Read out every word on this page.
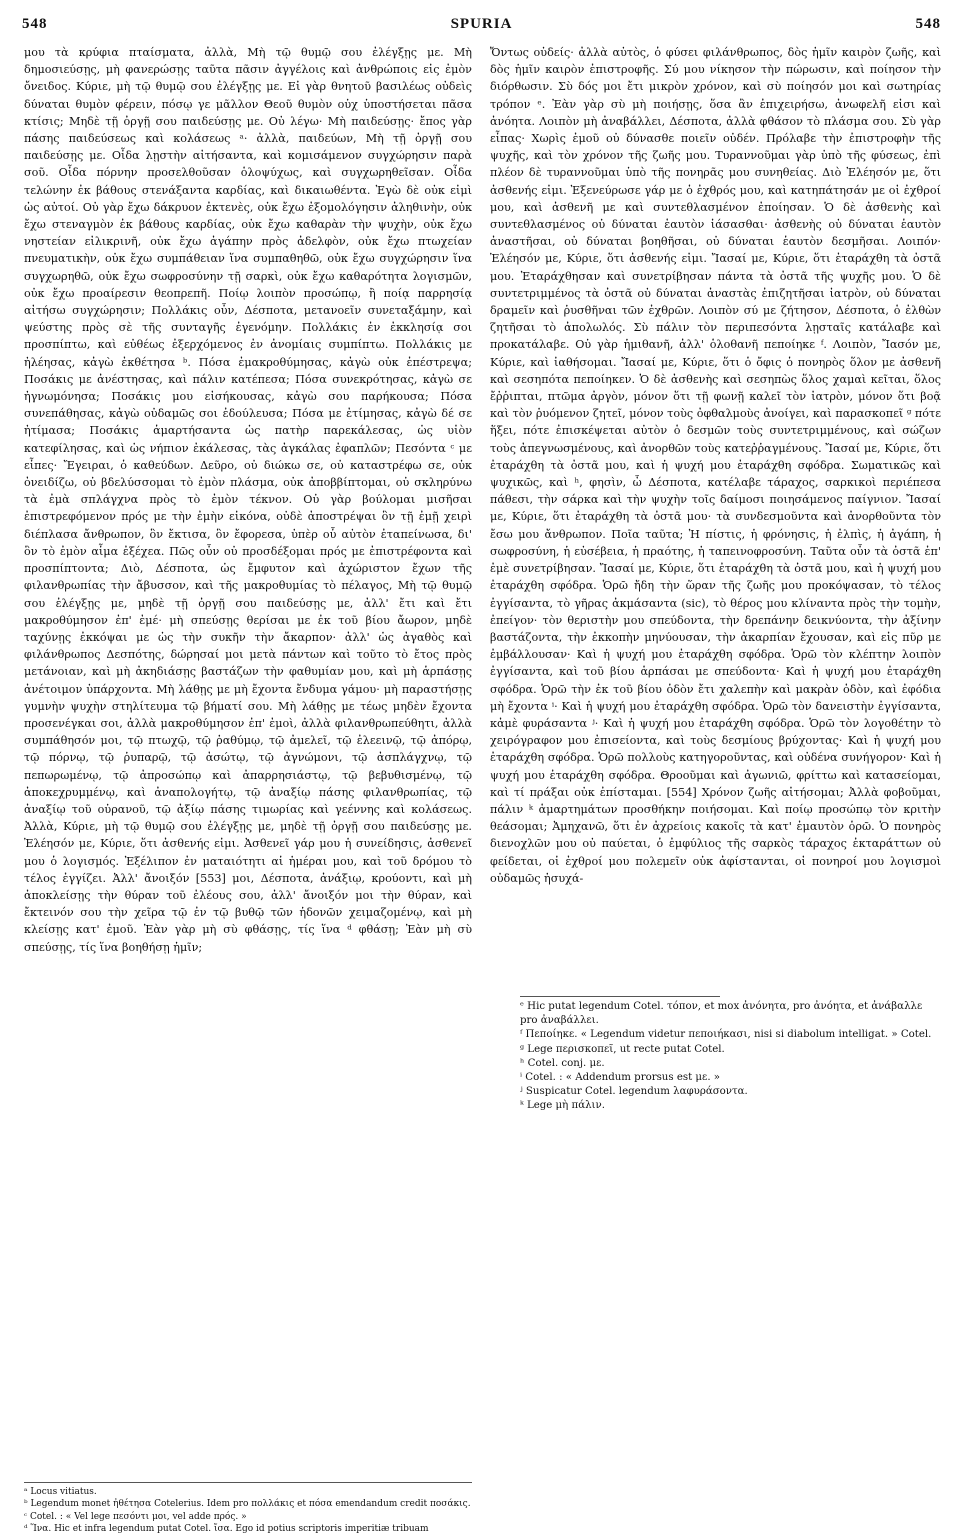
548	SPURIA	548

μου τὰ κρύφια πταίσματα, ἀλλὰ, Μὴ τῷ θυμῷ σου ἐλέγξῃς με. Μὴ δημοσιεύσῃς, μὴ φανερώσῃς ταῦτα πᾶσιν ἀγγέλοις καὶ ἀνθρώποις εἰς ἐμὸν ὄνειδος. Κύριε, μὴ τῷ θυμῷ σου ἐλέγξῃς με. Εἰ γὰρ θνητοῦ βασιλέως οὐδεὶς δύναται θυμὸν φέρειν, πόσῳ γε μᾶλλον Θεοῦ θυμὸν οὐχ ὑποστήσεται πᾶσα κτίσις; Μηδὲ τῇ ὀργῇ σου παιδεύσῃς με. Οὐ λέγω· Μὴ παιδεύσῃς· ἔπος γὰρ πάσης παιδεύσεως καὶ κολάσεως ᵃ· ἀλλὰ, παιδεύων, Μὴ τῇ ὀργῇ σου παιδεύσῃς με. Οἶδα λῃστὴν αἰτήσαντα, καὶ κομισάμενον συγχώρησιν παρὰ σοῦ. Οἶδα πόρνην προσελθοῦσαν ὁλοψύχως, καὶ συγχωρηθεῖσαν. Οἶδα τελώνην ἐκ βάθους στενάξαντα καρδίας, καὶ δικαιωθέντα. Ἐγὼ δὲ οὐκ εἰμὶ ὡς αὐτοί. Οὐ γὰρ ἔχω δάκρυον ἐκτενὲς, οὐκ ἔχω ἐξομολόγησιν ἀληθινὴν, οὐκ ἔχω στεναγμὸν ἐκ βάθους καρδίας, οὐκ ἔχω καθαρὰν τὴν ψυχὴν, οὐκ ἔχω νηστείαν εἰλικρινῆ, οὐκ ἔχω ἀγάπην πρὸς ἀδελφὸν, οὐκ ἔχω πτωχείαν πνευματικὴν, οὐκ ἔχω συμπάθειαν ἵνα συμπαθηθῶ, οὐκ ἔχω συγχώρησιν ἵνα συγχωρηθῶ, οὐκ ἔχω σωφροσύνην τῇ σαρκὶ, οὐκ ἔχω καθαρότητα λογισμῶν, οὐκ ἔχω προαίρεσιν θεοπρεπῆ. Ποίῳ λοιπὸν προσώπῳ, ἢ ποίᾳ παρρησίᾳ αἰτήσω συγχώρησιν; Πολλάκις οὖν, Δέσποτα, μετανοεῖν συνεταξάμην, καὶ ψεύστης πρὸς σὲ τῆς συνταγῆς ἐγενόμην. Πολλάκις ἐν ἐκκλησίᾳ σοι προσπίπτω, καὶ εὐθέως ἐξερχόμενος ἐν ἀνομίαις συμπίπτω. Πολλάκις με ἠλέησας, κἀγὼ ἐκθέτησα ᵇ. Πόσα ἐμακροθύμησας, κἀγὼ οὐκ ἐπέστρεψα; Ποσάκις με ἀνέστησας, καὶ πάλιν κατέπεσα; Πόσα συνεκρότησας, κἀγὼ σε ἠγνωμόνησα; Ποσάκις μου εἰσήκουσας, κἀγὼ σου παρήκουσα; Πόσα συνεπάθησας, κἀγὼ οὐδαμῶς σοι ἐδούλευσα; Πόσα με ἐτίμησας, κἀγὼ δέ σε ἠτίμασα; Ποσάκις ἁμαρτήσαντα ὡς πατὴρ παρεκάλεσας, ὡς υἱὸν κατεφίλησας, καὶ ὡς νήπιον ἐκάλεσας, τὰς ἀγκάλας ἐφαπλῶν; Πεσόντα ᶜ με εἶπες· Ἔγειραι, ὁ καθεύδων. Δεῦρο, οὐ διώκω σε, οὐ καταστρέφω σε, οὐκ ὀνειδίζω, οὐ βδελύσσομαι τὸ ἐμὸν πλάσμα, οὐκ ἀποββίπτομαι, οὐ σκληρύνω τὰ ἐμὰ σπλάγχνα πρὸς τὸ ἐμὸν τέκνον. Οὐ γὰρ βούλομαι μισῆσαι ἐπιστρεφόμενον πρός με τὴν ἐμὴν εἰκόνα, οὐδὲ ἀποστρέψαι ὃν τῇ ἐμῇ χειρὶ διέπλασα ἄνθρωπον, ὃν ἔκτισα, ὃν ἔφορεσα, ὑπὲρ οὗ αὐτὸν ἐταπείνωσα, δι' ὃν τὸ ἐμὸν αἷμα ἐξέχεα. Πῶς οὖν οὐ προσδέξομαι πρός με ἐπιστρέφοντα καὶ προσπίπτοντα; Διὸ, Δέσποτα, ὡς ἔμφυτον καὶ ἀχώριστον ἔχων τῆς φιλανθρωπίας τὴν ἄβυσσον, καὶ τῆς μακροθυμίας τὸ πέλαγος, Μὴ τῷ θυμῷ σου ἐλέγξῃς με, μηδὲ τῇ ὀργῇ σου παιδεύσῃς με, ἀλλ' ἔτι καὶ ἔτι μακροθύμησον ἐπ' ἐμέ· μὴ σπεύσῃς θερίσαι με ἐκ τοῦ βίου ἄωρον, μηδὲ ταχύνῃς ἐκκόψαι με ὡς τὴν συκῆν τὴν ἄκαρπον· ἀλλ' ὡς ἀγαθὸς καὶ φιλάνθρωπος Δεσπότης, δώρησαί μοι μετὰ πάντων καὶ τοῦτο τὸ ἔτος πρὸς μετάνοιαν, καὶ μὴ ἀκηδιάσῃς βαστάζων τὴν φαθυμίαν μου, καὶ μὴ ἁρπάσῃς ἀνέτοιμον ὑπάρχοντα. Μὴ λάθῃς με μὴ ἔχοντα ἔνδυμα γάμου· μὴ παραστήσῃς γυμνὴν ψυχὴν στηλίτευμα τῷ βήματί σου. Μὴ λάθῃς με τέως μηδὲν ἔχοντα προσενέγκαι σοι, ἀλλὰ μακροθύμησον ἐπ' ἐμοὶ, ἀλλὰ φιλανθρωπεύθητι, ἀλλὰ συμπάθησόν μοι, τῷ πτωχῷ, τῷ ῥαθύμῳ, τῷ ἀμελεῖ, τῷ ἐλεεινῷ, τῷ ἀπόρῳ, τῷ πόρνῳ, τῷ ῥυπαρῷ, τῷ ἀσώτῳ, τῷ ἀγνώμονι, τῷ ἀσπλάγχνῳ, τῷ πεπωρωμένῳ, τῷ ἀπροσώπῳ καὶ ἀπαρρησιάστῳ, τῷ βεβυθισμένῳ, τῷ ἀποκεχρυμμένῳ, καὶ ἀναπολογήτῳ, τῷ ἀναξίῳ πάσης φιλανθρωπίας, τῷ ἀναξίῳ τοῦ οὐρανοῦ, τῷ ἀξίῳ πάσης τιμωρίας καὶ γεέννης καὶ κολάσεως. Ἀλλὰ, Κύριε, μὴ τῷ θυμῷ σου ἐλέγξῃς με, μηδὲ τῇ ὀργῇ σου παιδεύσῃς με. Ἐλέησόν με, Κύριε, ὅτι ἀσθενής εἰμι. Ἀσθενεῖ γάρ μου ἡ συνείδησις, ἀσθενεῖ μου ὁ λογισμός. Ἐξέλιπον ἐν ματαιότητι αἱ ἡμέραι μου, καὶ τοῦ δρόμου τὸ τέλος ἐγγίζει. Ἀλλ' ἄνοιξόν [553] μοι, Δέσποτα, ἀνάξιῳ, κρούοντι, καὶ μὴ ἀποκλείσῃς τὴν θύραν τοῦ ἐλέους σου, ἀλλ' ἄνοιξόν μοι τὴν θύραν, καὶ ἔκτεινόν σου τὴν χεῖρα τῷ ἐν τῷ βυθῷ τῶν ἡδονῶν χειμαζομένῳ, καὶ μὴ κλείσῃς κατ' ἐμοῦ. Ἐὰν γὰρ μὴ σὺ φθάσῃς, τίς ἵνα ᵈ φθάσῃ; Ἐὰν μὴ σὺ σπεύσῃς, τίς ἵνα βοηθήσῃ ἡμῖν;

Ὄντως οὐδείς· ἀλλὰ αὐτὸς, ὁ φύσει φιλάνθρωπος, δὸς ἡμῖν καιρὸν ζωῆς, καὶ δὸς ἡμῖν καιρὸν ἐπιστροφῆς. Σύ μου νίκησον τὴν πώρωσιν, καὶ ποίησον τὴν διόρθωσιν. Σὺ δός μοι ἔτι μικρὸν χρόνον, καὶ σὺ ποίησόν μοι καὶ σωτηρίας τρόπον ᵉ. Ἐὰν γὰρ σὺ μὴ ποιήσῃς, ὅσα ἂν ἐπιχειρήσω, ἀνωφελῆ εἰσι καὶ ἀνόητα. Λοιπὸν μὴ ἀναβάλλει, Δέσποτα, ἀλλὰ φθάσον τὸ πλάσμα σου. Σὺ γὰρ εἶπας· Χωρὶς ἐμοῦ οὐ δύνασθε ποιεῖν οὐδέν. Πρόλαβε τὴν ἐπιστροφὴν τῆς ψυχῆς, καὶ τὸν χρόνον τῆς ζωῆς μου. Τυραννοῦμαι γὰρ ὑπὸ τῆς φύσεως, ἐπὶ πλέον δὲ τυραννοῦμαι ὑπὸ τῆς πονηρᾶς μου συνηθείας. Διὸ Ἐλέησόν με, ὅτι ἀσθενής εἰμι. Ἐξενεύρωσε γάρ με ὁ ἐχθρός μου, καὶ κατηπάτησάν με οἱ ἐχθροί μου, καὶ ἀσθενῆ με καὶ συντεθλασμένον ἐποίησαν. Ὁ δὲ ἀσθενὴς καὶ συντεθλασμένος οὐ δύναται ἑαυτὸν ἰάσασθαι· ἀσθενὴς οὐ δύναται ἑαυτὸν ἀναστῆσαι, οὐ δύναται βοηθῆσαι, οὐ δύναται ἑαυτὸν δεσμῆσαι. Λοιπόν· Ἐλέησόν με, Κύριε, ὅτι ἀσθενής εἰμι. Ἴασαί με, Κύριε, ὅτι ἐταράχθη τὰ ὀστᾶ μου. Ἐταράχθησαν καὶ συνετρίβησαν πάντα τὰ ὀστᾶ τῆς ψυχῆς μου. Ὁ δὲ συντετριμμένος τὰ ὀστᾶ οὐ δύναται ἀναστὰς ἐπιζητῆσαι ἰατρὸν, οὐ δύναται δραμεῖν καὶ ῥυσθῆναι τῶν ἐχθρῶν. Λοιπὸν σύ με ζήτησον, Δέσποτα, ὁ ἐλθὼν ζητῆσαι τὸ ἀπολωλός. Σὺ πάλιν τὸν περιπεσόντα λῃσταῖς κατάλαβε καὶ προκατάλαβε. Οὐ γὰρ ἡμιθανῆ, ἀλλ' ὁλοθανῆ πεποίηκε ᶠ. Λοιπὸν, Ἴασόν με, Κύριε, καὶ ἰαθήσομαι. Ἴασαί με, Κύριε, ὅτι ὁ ὄφις ὁ πονηρὸς ὅλον με ἀσθενῆ καὶ σεσηπότα πεποίηκεν. Ὁ δὲ ἀσθενὴς καὶ σεσηπὼς ὅλος χαμαὶ κεῖται, ὅλος ἔῤῥιπται, πτῶμα ἀργὸν, μόνον ὅτι τῇ φωνῇ καλεῖ τὸν ἰατρὸν, μόνον ὅτι βοᾷ καὶ τὸν ῥυόμενον ζητεῖ, μόνον τοὺς ὀφθαλμοὺς ἀνοίγει, καὶ παρασκοπεῖ ᵍ πότε ἥξει, πότε ἐπισκέψεται αὐτὸν ὁ δεσμῶν τοὺς συντετριμμένους, καὶ σώζων τοὺς ἀπεγνωσμένους, καὶ ἀνορθῶν τοὺς κατεῤῥαγμένους. Ἴασαί με, Κύριε, ὅτι ἐταράχθη τὰ ὀστᾶ μου, καὶ ἡ ψυχή μου ἐταράχθη σφόδρα. Σωματικῶς καὶ ψυχικῶς, καὶ ʰ, φησὶν, ὦ Δέσποτα, κατέλαβε τάραχος, σαρκικοὶ περιέπεσα πάθεσι, τὴν σάρκα καὶ τὴν ψυχὴν τοῖς δαίμοσι ποιησάμενος παίγνιον. Ἴασαί με, Κύριε, ὅτι ἐταράχθη τὰ ὀστᾶ μου· τὰ συνδεσμοῦντα καὶ ἀνορθοῦντα τὸν ἔσω μου ἄνθρωπον. Ποῖα ταῦτα; Ἡ πίστις, ἡ φρόνησις, ἡ ἐλπὶς, ἡ ἀγάπη, ἡ σωφροσύνη, ἡ εὐσέβεια, ἡ πραότης, ἡ ταπεινοφροσύνη. Ταῦτα οὖν τὰ ὀστᾶ ἐπ' ἐμὲ συνετρίβησαν. Ἴασαί με, Κύριε, ὅτι ἐταράχθη τὰ ὀστᾶ μου, καὶ ἡ ψυχή μου ἐταράχθη σφόδρα. Ὁρῶ ἤδη τὴν ὥραν τῆς ζωῆς μου προκόψασαν, τὸ τέλος ἐγγίσαντα, τὸ γῆρας ἀκμάσαντα (sic), τὸ θέρος μου κλίναντα πρὸς τὴν τομὴν, ἐπείγον· τὸν θεριστὴν μου σπεύδοντα, τὴν δρεπάνην δεικνύοντα, τὴν ἀξίνην βαστάζοντα, τὴν ἐκκοπὴν μηνύουσαν, τὴν ἀκαρπίαν ἔχουσαν, καὶ εἰς πῦρ με ἐμβάλλουσαν· Καὶ ἡ ψυχή μου ἐταράχθη σφόδρα. Ὁρῶ τὸν κλέπτην λοιπὸν ἐγγίσαντα, καὶ τοῦ βίου ἁρπάσαι με σπεύδοντα· Καὶ ἡ ψυχή μου ἐταράχθη σφόδρα. Ὁρῶ τὴν ἐκ τοῦ βίου ὁδὸν ἔτι χαλεπὴν καὶ μακρὰν ὁδὸν, καὶ ἐφόδια μὴ ἔχοντα ⁱ· Καὶ ἡ ψυχή μου ἐταράχθη σφόδρα. Ὁρῶ τὸν δανειστὴν ἐγγίσαντα, κἀμὲ φυράσαντα ʲ· Καὶ ἡ ψυχή μου ἐταράχθη σφόδρα. Ὁρῶ τὸν λογοθέτην τὸ χειρόγραφον μου ἐπισείοντα, καὶ τοὺς δεσμίους βρύχοντας· Καὶ ἡ ψυχή μου ἐταράχθη σφόδρα. Ὁρῶ πολλοὺς κατηγοροῦντας, καὶ οὐδένα συνήγορον· Καὶ ἡ ψυχή μου ἐταράχθη σφόδρα. Θροοῦμαι καὶ ἀγωνιῶ, φρίττω καὶ κατασείομαι, καὶ τί πράξαι οὐκ ἐπίσταμαι. [554] Χρόνον ζωῆς αἰτήσομαι; Ἀλλὰ φοβοῦμαι, πάλιν ᵏ ἁμαρτημάτων προσθήκην ποιήσομαι. Καὶ ποίῳ προσώπῳ τὸν κριτὴν θεάσομαι; Ἀμηχανῶ, ὅτι ἐν ἀχρείοις κακοῖς τὰ κατ' ἐμαυτὸν ὁρῶ. Ὁ πονηρὸς διενοχλῶν μου οὐ παύεται, ὁ ἐμφύλιος τῆς σαρκὸς τάραχος ἐκταράττων οὐ φείδεται, οἱ ἐχθροί μου πολεμεῖν οὐκ ἀφίστανται, οἱ πονηροί μου λογισμοὶ οὐδαμῶς ἡσυχά-

ᵃ Locus vitiatus.
ᵇ Legendum monet ἠθέτησα Cotelerius. Idem pro πολλάκις et πόσα emendandum credit ποσάκις.
ᶜ Cotel. : « Vel lege πεσόντι μοι, vel adde πρός. »
ᵈ Ἵνα. Hic et infra legendum putat Cotel. ἴσα. Ego id potius scriptoris imperitiæ tribuam
ᵉ Hic putat legendum Cotel. τόπον, et mox ἀνόνητα, pro ἀνόητα, et ἀνάβαλλε pro ἀναβάλλει.
ᶠ Πεποίηκε. « Legendum videtur πεποιήκασι, nisi si diabolum intelligat. » Cotel.
ᵍ Lege περισκοπεῖ, ut recte putat Cotel.
ʰ Cotel. conj. με.
ⁱ Cotel. : « Addendum prorsus est με. »
ʲ Suspicatur Cotel. legendum λαφυράσοντα.
ᵏ Lege μὴ πάλιν.
